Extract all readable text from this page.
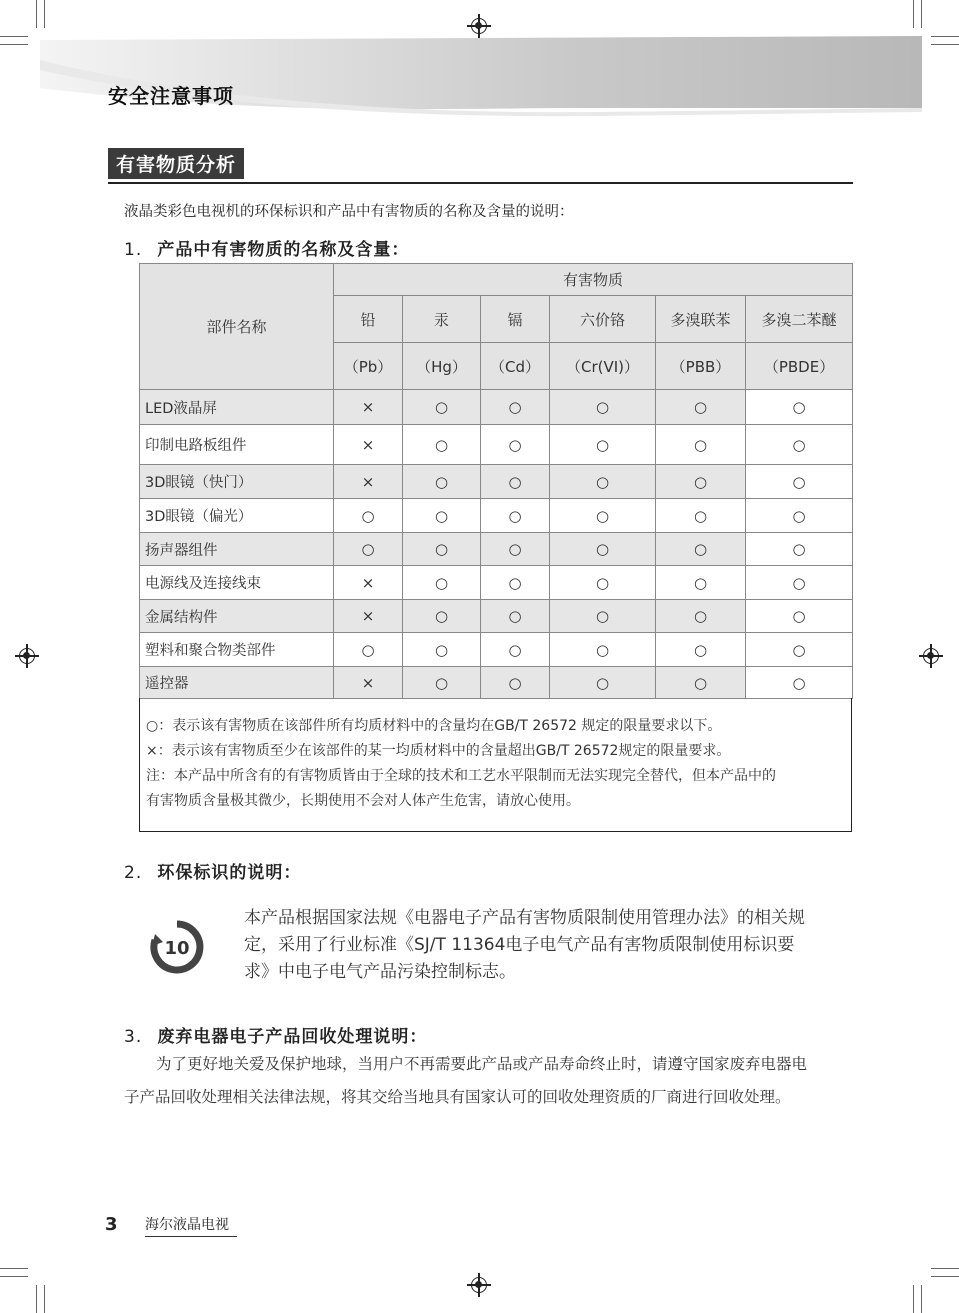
安全注意事项
有害物质分析
液晶类彩色电视机的环保标识和产品中有害物质的名称及含量的说明：
1. 产品中有害物质的名称及含量：
部件名称	有害物质					
	铅	汞	镉	六价铬	多溴联苯	多溴二苯醚
	（Pb）	（Hg）	（Cd）	（Cr(VI)）	（PBB）	（PBDE）
LED液晶屏	×	○	○	○	○	○
印制电路板组件	×	○	○	○	○	○
3D眼镜（快门）	×	○	○	○	○	○
3D眼镜（偏光）	○	○	○	○	○	○
扬声器组件	○	○	○	○	○	○
电源线及连接线束	×	○	○	○	○	○
金属结构件	×	○	○	○	○	○
塑料和聚合物类部件	○	○	○	○	○	○
遥控器	×	○	○	○	○	○
○：表示该有害物质在该部件所有均质材料中的含量均在GB/T 26572 规定的限量要求以下。
×：表示该有害物质至少在该部件的某一均质材料中的含量超出GB/T 26572规定的限量要求。
注：本产品中所含有的有害物质皆由于全球的技术和工艺水平限制而无法实现完全替代，但本产品中的
有害物质含量极其微少，长期使用不会对人体产生危害，请放心使用。
2. 环保标识的说明：
10
本产品根据国家法规《电器电子产品有害物质限制使用管理办法》的相关规
定，采用了行业标准《SJ/T 11364电子电气产品有害物质限制使用标识要
求》中电子电气产品污染控制标志。
3. 废弃电器电子产品回收处理说明：
为了更好地关爱及保护地球，当用户不再需要此产品或产品寿命终止时，请遵守国家废弃电器电
子产品回收处理相关法律法规，将其交给当地具有国家认可的回收处理资质的厂商进行回收处理。
3 海尔液晶电视
